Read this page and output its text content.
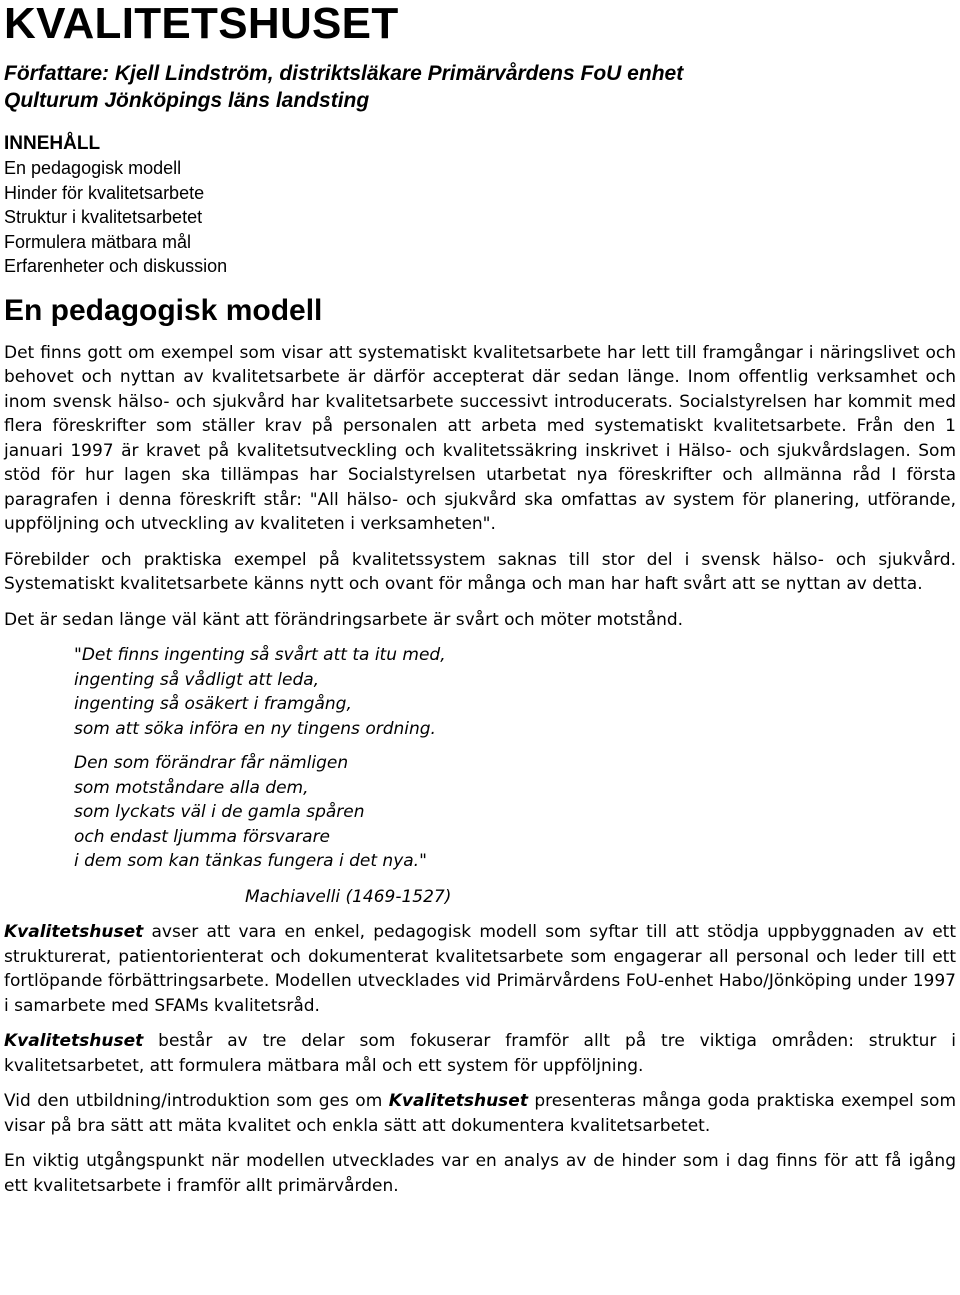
KVALITETSHUSET
Författare: Kjell Lindström, distriktsläkare Primärvårdens FoU enhet
Qulturum Jönköpings läns landsting
INNEHÅLL
En pedagogisk modell
Hinder för kvalitetsarbete
Struktur i kvalitetsarbetet
Formulera mätbara mål
Erfarenheter och diskussion
En pedagogisk modell

Det finns gott om exempel som visar att systematiskt kvalitetsarbete har lett till framgångar i näringslivet och behovet och nyttan av kvalitetsarbete är därför accepterat där sedan länge. Inom offentlig verksamhet och inom svensk hälso- och sjukvård har kvalitetsarbete successivt introducerats. Socialstyrelsen har kommit med flera föreskrifter som ställer krav på personalen att arbeta med systematiskt kvalitetsarbete. Från den 1 januari 1997 är kravet på kvalitetsutveckling och kvalitetssäkring inskrivet i Hälso- och sjukvårdslagen. Som stöd för hur lagen ska tillämpas har Socialstyrelsen utarbetat nya föreskrifter och allmänna råd I första paragrafen i denna föreskrift står: "All hälso- och sjukvård ska omfattas av system för planering, utförande, uppföljning och utveckling av kvaliteten i verksamheten".

Förebilder och praktiska exempel på kvalitetssystem saknas till stor del i svensk hälso- och sjukvård. Systematiskt kvalitetsarbete känns nytt och ovant för många och man har haft svårt att se nyttan av detta.

Det är sedan länge väl känt att förändringsarbete är svårt och möter motstånd.

"Det finns ingenting så svårt att ta itu med,
ingenting så vådligt att leda,
ingenting så osäkert i framgång,
som att söka införa en ny tingens ordning.
Den som förändrar får nämligen
som motståndare alla dem,
som lyckats väl i de gamla spåren
och endast ljumma försvarare
i dem som kan tänkas fungera i det nya."
Machiavelli (1469-1527)

Kvalitetshuset avser att vara en enkel, pedagogisk modell som syftar till att stödja uppbyggnaden av ett strukturerat, patientorienterat och dokumenterat kvalitetsarbete som engagerar all personal och leder till ett fortlöpande förbättringsarbete. Modellen utvecklades vid Primärvårdens FoU-enhet Habo/Jönköping under 1997 i samarbete med SFAMs kvalitetsråd.

Kvalitetshuset består av tre delar som fokuserar framför allt på tre viktiga områden: struktur i kvalitetsarbetet, att formulera mätbara mål och ett system för uppföljning.

Vid den utbildning/introduktion som ges om Kvalitetshuset presenteras många goda praktiska exempel som visar på bra sätt att mäta kvalitet och enkla sätt att dokumentera kvalitetsarbetet.

En viktig utgångspunkt när modellen utvecklades var en analys av de hinder som i dag finns för att få igång ett kvalitetsarbete i framför allt primärvården.
